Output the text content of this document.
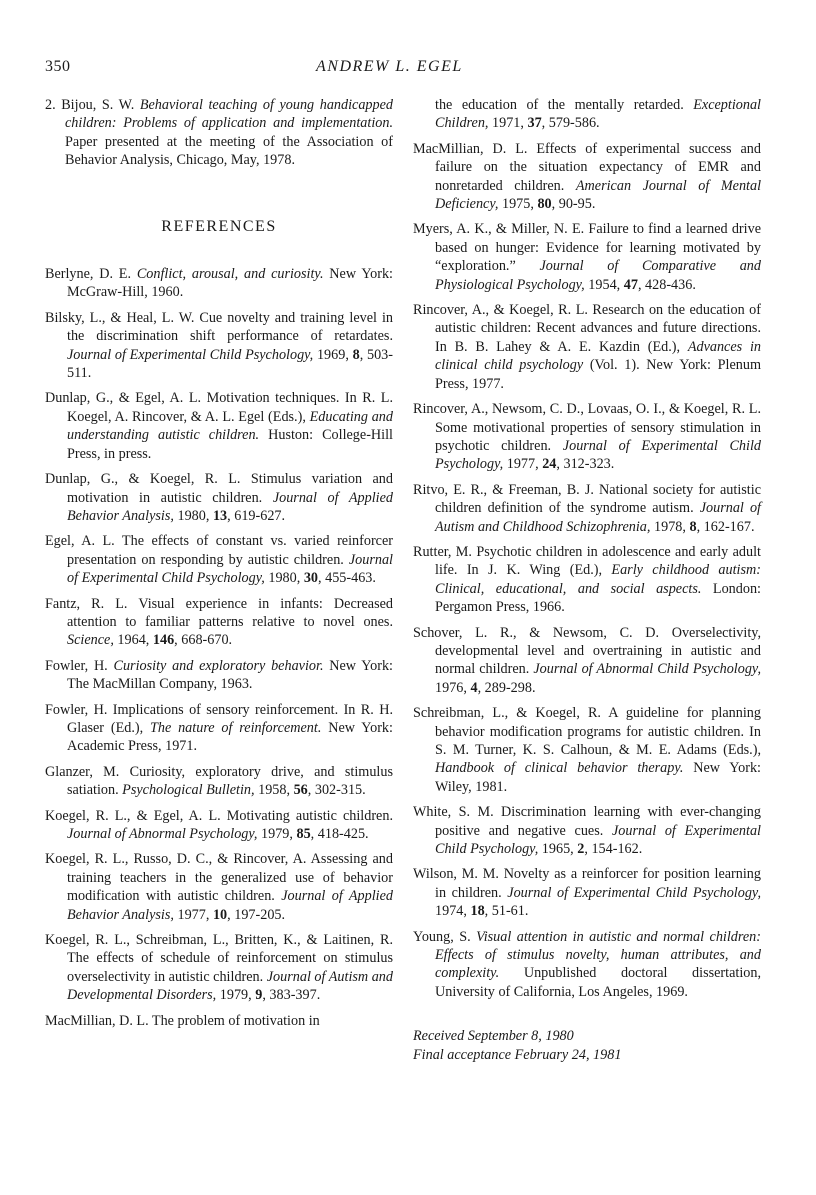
350	ANDREW L. EGEL

2. Bijou, S. W. Behavioral teaching of young handicapped children: Problems of application and implementation. Paper presented at the meeting of the Association of Behavior Analysis, Chicago, May, 1978.

REFERENCES

Berlyne, D. E. Conflict, arousal, and curiosity. New York: McGraw-Hill, 1960.

Bilsky, L., & Heal, L. W. Cue novelty and training level in the discrimination shift performance of retardates. Journal of Experimental Child Psychology, 1969, 8, 503-511.

Dunlap, G., & Egel, A. L. Motivation techniques. In R. L. Koegel, A. Rincover, & A. L. Egel (Eds.), Educating and understanding autistic children. Huston: College-Hill Press, in press.

Dunlap, G., & Koegel, R. L. Stimulus variation and motivation in autistic children. Journal of Applied Behavior Analysis, 1980, 13, 619-627.

Egel, A. L. The effects of constant vs. varied reinforcer presentation on responding by autistic children. Journal of Experimental Child Psychology, 1980, 30, 455-463.

Fantz, R. L. Visual experience in infants: Decreased attention to familiar patterns relative to novel ones. Science, 1964, 146, 668-670.

Fowler, H. Curiosity and exploratory behavior. New York: The MacMillan Company, 1963.

Fowler, H. Implications of sensory reinforcement. In R. H. Glaser (Ed.), The nature of reinforcement. New York: Academic Press, 1971.

Glanzer, M. Curiosity, exploratory drive, and stimulus satiation. Psychological Bulletin, 1958, 56, 302-315.

Koegel, R. L., & Egel, A. L. Motivating autistic children. Journal of Abnormal Psychology, 1979, 85, 418-425.

Koegel, R. L., Russo, D. C., & Rincover, A. Assessing and training teachers in the generalized use of behavior modification with autistic children. Journal of Applied Behavior Analysis, 1977, 10, 197-205.

Koegel, R. L., Schreibman, L., Britten, K., & Laitinen, R. The effects of schedule of reinforcement on stimulus overselectivity in autistic children. Journal of Autism and Developmental Disorders, 1979, 9, 383-397.

MacMillian, D. L. The problem of motivation in

the education of the mentally retarded. Exceptional Children, 1971, 37, 579-586.

MacMillian, D. L. Effects of experimental success and failure on the situation expectancy of EMR and nonretarded children. American Journal of Mental Deficiency, 1975, 80, 90-95.

Myers, A. K., & Miller, N. E. Failure to find a learned drive based on hunger: Evidence for learning motivated by “exploration.” Journal of Comparative and Physiological Psychology, 1954, 47, 428-436.

Rincover, A., & Koegel, R. L. Research on the education of autistic children: Recent advances and future directions. In B. B. Lahey & A. E. Kazdin (Ed.), Advances in clinical child psychology (Vol. 1). New York: Plenum Press, 1977.

Rincover, A., Newsom, C. D., Lovaas, O. I., & Koegel, R. L. Some motivational properties of sensory stimulation in psychotic children. Journal of Experimental Child Psychology, 1977, 24, 312-323.

Ritvo, E. R., & Freeman, B. J. National society for autistic children definition of the syndrome autism. Journal of Autism and Childhood Schizophrenia, 1978, 8, 162-167.

Rutter, M. Psychotic children in adolescence and early adult life. In J. K. Wing (Ed.), Early childhood autism: Clinical, educational, and social aspects. London: Pergamon Press, 1966.

Schover, L. R., & Newsom, C. D. Overselectivity, developmental level and overtraining in autistic and normal children. Journal of Abnormal Child Psychology, 1976, 4, 289-298.

Schreibman, L., & Koegel, R. A guideline for planning behavior modification programs for autistic children. In S. M. Turner, K. S. Calhoun, & M. E. Adams (Eds.), Handbook of clinical behavior therapy. New York: Wiley, 1981.

White, S. M. Discrimination learning with ever-changing positive and negative cues. Journal of Experimental Child Psychology, 1965, 2, 154-162.

Wilson, M. M. Novelty as a reinforcer for position learning in children. Journal of Experimental Child Psychology, 1974, 18, 51-61.

Young, S. Visual attention in autistic and normal children: Effects of stimulus novelty, human attributes, and complexity. Unpublished doctoral dissertation, University of California, Los Angeles, 1969.

Received September 8, 1980
Final acceptance February 24, 1981
